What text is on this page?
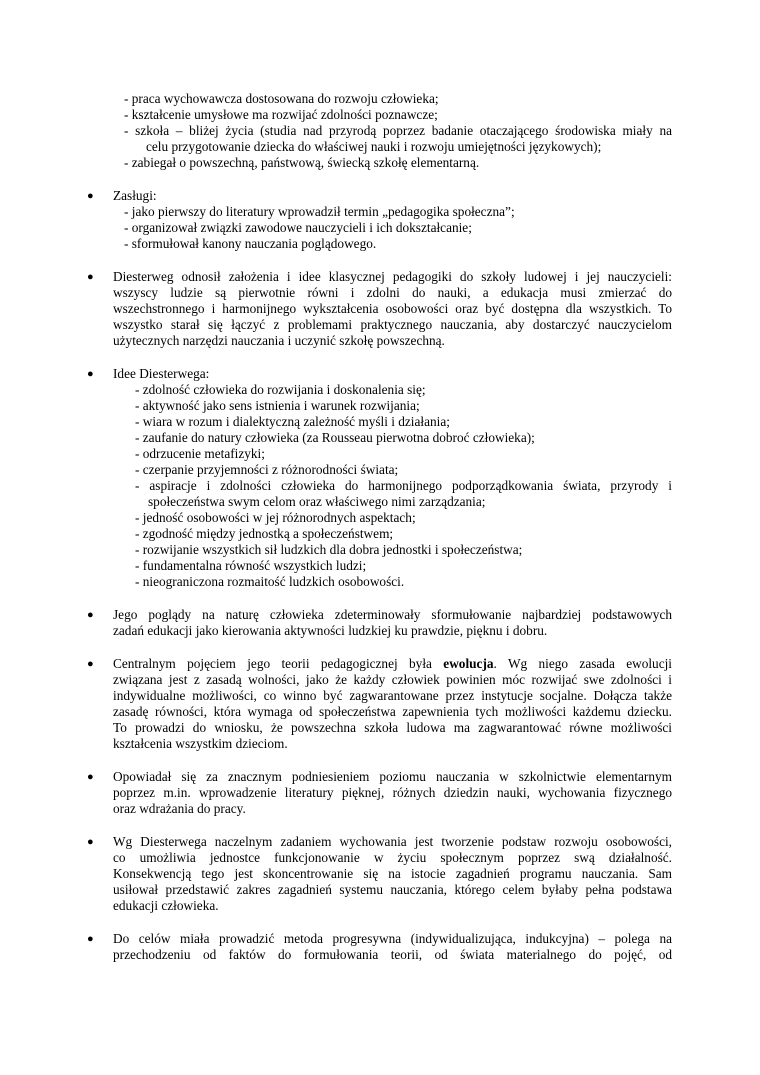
- praca wychowawcza dostosowana do rozwoju człowieka;
- kształcenie umysłowe ma rozwijać zdolności poznawcze;
- szkoła – bliżej życia (studia nad przyrodą poprzez badanie otaczającego środowiska miały na
celu przygotowanie dziecka do właściwej nauki i rozwoju umiejętności językowych);
- zabiegał o powszechną, państwową, świecką szkołę elementarną.
● Zasługi:
- jako pierwszy do literatury wprowadził termin „pedagogika społeczna”;
- organizował związki zawodowe nauczycieli i ich dokształcanie;
- sformułował kanony nauczania poglądowego.
● Diesterweg odnosił założenia i idee klasycznej pedagogiki do szkoły ludowej i jej nauczycieli:
wszyscy ludzie są pierwotnie równi i zdolni do nauki, a edukacja musi zmierzać do
wszechstronnego i harmonijnego wykształcenia osobowości oraz być dostępna dla wszystkich. To
wszystko starał się łączyć z problemami praktycznego nauczania, aby dostarczyć nauczycielom
użytecznych narzędzi nauczania i uczynić szkołę powszechną.
● Idee Diesterwega:
- zdolność człowieka do rozwijania i doskonalenia się;
- aktywność jako sens istnienia i warunek rozwijania;
- wiara w rozum i dialektyczną zależność myśli i działania;
- zaufanie do natury człowieka (za Rousseau pierwotna dobroć człowieka);
- odrzucenie metafizyki;
- czerpanie przyjemności z różnorodności świata;
- aspiracje i zdolności człowieka do harmonijnego podporządkowania świata, przyrody i
społeczeństwa swym celom oraz właściwego nimi zarządzania;
- jedność osobowości w jej różnorodnych aspektach;
- zgodność między jednostką a społeczeństwem;
- rozwijanie wszystkich sił ludzkich dla dobra jednostki i społeczeństwa;
- fundamentalna równość wszystkich ludzi;
- nieograniczona rozmaitość ludzkich osobowości.
● Jego poglądy na naturę człowieka zdeterminowały sformułowanie najbardziej podstawowych
zadań edukacji jako kierowania aktywności ludzkiej ku prawdzie, pięknu i dobru.
● Centralnym pojęciem jego teorii pedagogicznej była ewolucja. Wg niego zasada ewolucji
związana jest z zasadą wolności, jako że każdy człowiek powinien móc rozwijać swe zdolności i
indywidualne możliwości, co winno być zagwarantowane przez instytucje socjalne. Dołącza także
zasadę równości, która wymaga od społeczeństwa zapewnienia tych możliwości każdemu dziecku.
To prowadzi do wniosku, że powszechna szkoła ludowa ma zagwarantować równe możliwości
kształcenia wszystkim dzieciom.
● Opowiadał się za znacznym podniesieniem poziomu nauczania w szkolnictwie elementarnym
poprzez m.in. wprowadzenie literatury pięknej, różnych dziedzin nauki, wychowania fizycznego
oraz wdrażania do pracy.
● Wg Diesterwega naczelnym zadaniem wychowania jest tworzenie podstaw rozwoju osobowości,
co umożliwia jednostce funkcjonowanie w życiu społecznym poprzez swą działalność.
Konsekwencją tego jest skoncentrowanie się na istocie zagadnień programu nauczania. Sam
usiłował przedstawić zakres zagadnień systemu nauczania, którego celem byłaby pełna podstawa
edukacji człowieka.
● Do celów miała prowadzić metoda progresywna (indywidualizująca, indukcyjna) – polega na
przechodzeniu od faktów do formułowania teorii, od świata materialnego do pojęć, od
